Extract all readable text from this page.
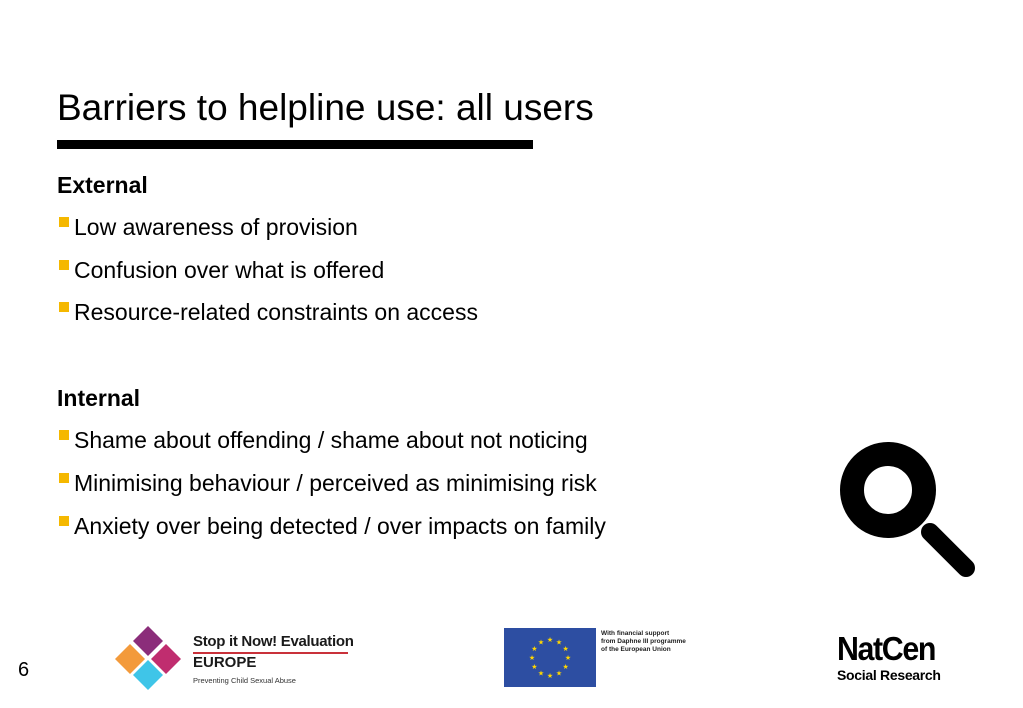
Barriers to helpline use: all users
External
Low awareness of provision
Confusion over what is offered
Resource-related constraints on access
Internal
Shame about offending / shame about not noticing
Minimising behaviour / perceived as minimising risk
Anxiety over being detected / over impacts on family
6
Stop it Now! Evaluation
EUROPE
Preventing Child Sexual Abuse
★ ★
★
★
★
★
★
★
★
★
★
★
With financial support
from Daphne III programme
of the European Union	NatCen
Social Research
